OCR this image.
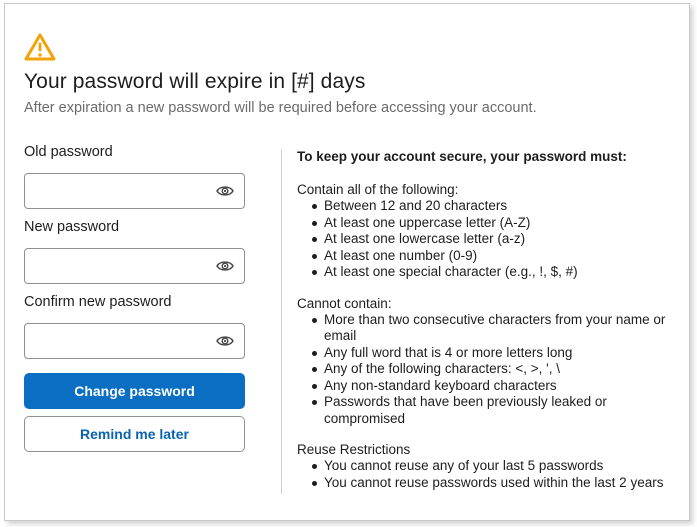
Your password will expire in [#] days
After expiration a new password will be required before accessing your account.
Old password
New password
Confirm new password
Change password
Remind me later
To keep your account secure, your password must:
Contain all of the following:
Between 12 and 20 characters
At least one uppercase letter (A-Z)
At least one lowercase letter (a-z)
At least one number (0-9)
At least one special character (e.g., !, $, #)
Cannot contain:
More than two consecutive characters from your name or email
Any full word that is 4 or more letters long
Any of the following characters: <, >, ', \
Any non-standard keyboard characters
Passwords that have been previously leaked or compromised
Reuse Restrictions
You cannot reuse any of your last 5 passwords
You cannot reuse passwords used within the last 2 years
